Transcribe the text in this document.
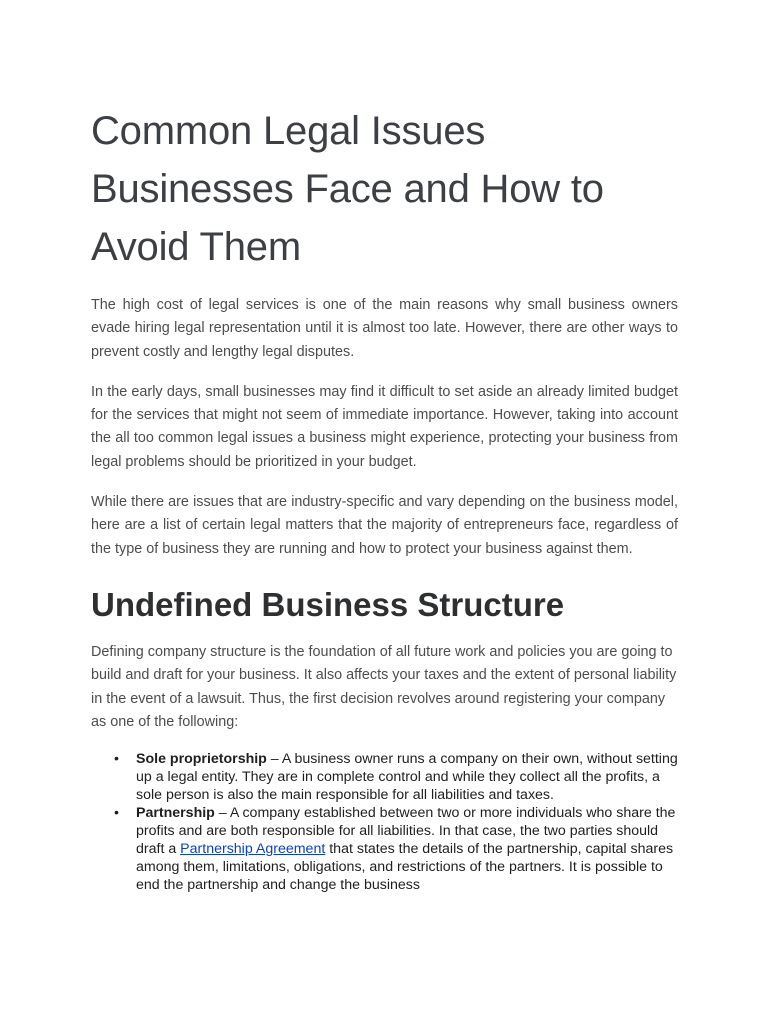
Common Legal Issues Businesses Face and How to Avoid Them

The high cost of legal services is one of the main reasons why small business owners evade hiring legal representation until it is almost too late. However, there are other ways to prevent costly and lengthy legal disputes.

In the early days, small businesses may find it difficult to set aside an already limited budget for the services that might not seem of immediate importance. However, taking into account the all too common legal issues a business might experience, protecting your business from legal problems should be prioritized in your budget.

While there are issues that are industry-specific and vary depending on the business model, here are a list of certain legal matters that the majority of entrepreneurs face, regardless of the type of business they are running and how to protect your business against them.

Undefined Business Structure

Defining company structure is the foundation of all future work and policies you are going to build and draft for your business. It also affects your taxes and the extent of personal liability in the event of a lawsuit. Thus, the first decision revolves around registering your company as one of the following:

• Sole proprietorship – A business owner runs a company on their own, without setting up a legal entity. They are in complete control and while they collect all the profits, a sole person is also the main responsible for all liabilities and taxes.
• Partnership – A company established between two or more individuals who share the profits and are both responsible for all liabilities. In that case, the two parties should draft a Partnership Agreement that states the details of the partnership, capital shares among them, limitations, obligations, and restrictions of the partners. It is possible to end the partnership and change the business
